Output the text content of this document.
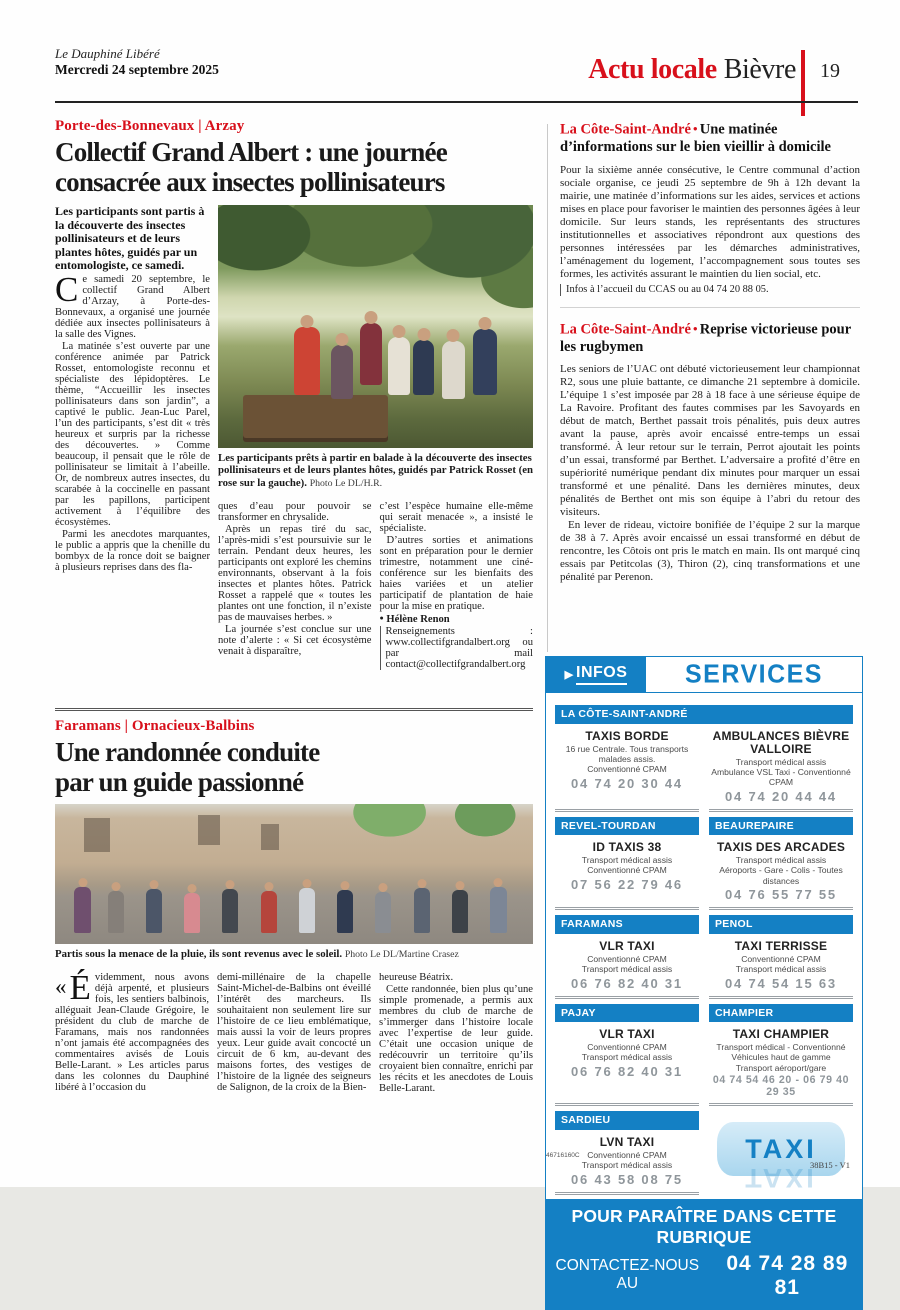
Le Dauphiné Libéré
Mercredi 24 septembre 2025	Actu locale Bièvre 19
Porte-des-Bonnevaux | Arzay
Collectif Grand Albert : une journée
consacrée aux insectes pollinisateurs

Les participants sont partis à la découverte des insectes pollinisateurs et de leurs plantes hôtes, guidés par un entomologiste, ce samedi.

Ce samedi 20 septembre, le collectif Grand Albert d’Arzay, à Porte-des-Bonnevaux, a organisé une journée dédiée aux insectes pollinisateurs à la salle des Vignes.

La matinée s’est ouverte par une conférence animée par Patrick Rosset, entomologiste reconnu et spécialiste des lépidoptères. Le thème, “Accueillir les insectes pollinisateurs dans son jardin”, a captivé le public. Jean-Luc Parel, l’un des participants, s’est dit « très heureux et surpris par la richesse des découvertes. » Comme beaucoup, il pensait que le rôle de pollinisateur se limitait à l’abeille. Or, de nombreux autres insectes, du scarabée à la coccinelle en passant par les papillons, participent activement à l’équilibre des écosystèmes.

Parmi les anecdotes marquantes, le public a appris que la chenille du bombyx de la ronce doit se baigner à plusieurs reprises dans des fla-

Les participants prêts à partir en balade à la découverte des insectes pollinisateurs et de leurs plantes hôtes, guidés par Patrick Rosset (en rose sur la gauche). Photo Le DL/H.R.

ques d’eau pour pouvoir se transformer en chrysalide.

Après un repas tiré du sac, l’après-midi s’est poursuivie sur le terrain. Pendant deux heures, les participants ont exploré les chemins environnants, observant à la fois insectes et plantes hôtes. Patrick Rosset a rappelé que « toutes les plantes ont une fonction, il n’existe pas de mauvaises herbes. »

La journée s’est conclue sur une note d’alerte : « Si cet écosystème venait à disparaître,

c’est l’espèce humaine elle-même qui serait menacée », a insisté le spécialiste.

D’autres sorties et animations sont en préparation pour le dernier trimestre, notamment une ciné-conférence sur les bienfaits des haies variées et un atelier participatif de plantation de haie pour la mise en pratique.

● Hélène Renon

Renseignements : www.collectifgrandalbert.org ou par mail contact@collectifgrandalbert.org

La Côte-Saint-André ● Une matinée d’informations sur le bien vieillir à domicile

Pour la sixième année consécutive, le Centre communal d’action sociale organise, ce jeudi 25 septembre de 9h à 12h devant la mairie, une matinée d’informations sur les aides, services et actions mises en place pour favoriser le maintien des personnes âgées à leur domicile. Sur leurs stands, les représentants des structures institutionnelles et associatives répondront aux questions des personnes intéressées par les démarches administratives, l’aménagement du logement, l’accompagnement sous toutes ses formes, les activités assurant le maintien du lien social, etc.

Infos à l’accueil du CCAS ou au 04 74 20 88 05.
La Côte-Saint-André ● Reprise victorieuse pour les rugbymen

Les seniors de l’UAC ont débuté victorieusement leur championnat R2, sous une pluie battante, ce dimanche 21 septembre à domicile. L’équipe 1 s’est imposée par 28 à 18 face à une sérieuse équipe de La Ravoire. Profitant des fautes commises par les Savoyards en début de match, Berthet passait trois pénalités, puis deux autres avant la pause, après avoir encaissé entre-temps un essai transformé. À leur retour sur le terrain, Perrot ajoutait les points d’un essai, transformé par Berthet. L’adversaire a profité d’être en supériorité numérique pendant dix minutes pour marquer un essai transformé et une pénalité. Dans les dernières minutes, deux pénalités de Berthet ont mis son équipe à l’abri du retour des visiteurs.

En lever de rideau, victoire bonifiée de l’équipe 2 sur la marque de 38 à 7. Après avoir encaissé un essai transformé en début de rencontre, les Côtois ont pris le match en main. Ils ont marqué cinq essais par Petitcolas (3), Thiron (2), cinq transformations et une pénalité par Perenon.

Faramans | Ornacieux-Balbins
Une randonnée conduite
par un guide passionné

Partis sous la menace de la pluie, ils sont revenus avec le soleil. Photo Le DL/Martine Crasez

« É videmment, nous avons déjà arpenté, et plusieurs fois, les sentiers balbinois, alléguait Jean-Claude Grégoire, le président du club de marche de Faramans, mais nos randonnées n’ont jamais été accompagnées des commentaires avisés de Louis Belle-Larant. » Les articles parus dans les colonnes du Dauphiné libéré à l’occasion du

demi-millénaire de la chapelle Saint-Michel-de-Balbins ont éveillé l’intérêt des marcheurs. Ils souhaitaient non seulement lire sur l’histoire de ce lieu emblématique, mais aussi la voir de leurs propres yeux. Leur guide avait concocté un circuit de 6 km, au-devant des maisons fortes, des vestiges de l’histoire de la lignée des seigneurs de Salignon, de la croix de la Bien-

heureuse Béatrix.

Cette randonnée, bien plus qu’une simple promenade, a permis aux membres du club de marche de s’immerger dans l’histoire locale avec l’expertise de leur guide. C’était une occasion unique de redécouvrir un territoire qu’ils croyaient bien connaître, enrichi par les récits et les anecdotes de Louis Belle-Larant.

▶ INFOS	SERVICES
LA CÔTE-SAINT-ANDRÉ
TAXIS BORDE
16 rue Centrale. Tous transports
malades assis.
Conventionné CPAM
04 74 20 30 44
AMBULANCES BIÈVRE VALLOIRE
Transport médical assis
Ambulance VSL Taxi - Conventionné CPAM
04 74 20 44 44
REVEL-TOURDAN	BEAUREPAIRE
ID TAXIS 38
Transport médical assis
Conventionné CPAM
07 56 22 79 46
TAXIS DES ARCADES
Transport médical assis
Aéroports - Gare - Colis - Toutes distances
04 76 55 77 55
FARAMANS	PENOL
VLR TAXI
Conventionné CPAM
Transport médical assis
06 76 82 40 31
TAXI TERRISSE
Conventionné CPAM
Transport médical assis
04 74 54 15 63
PAJAY	CHAMPIER
VLR TAXI
Conventionné CPAM
Transport médical assis
06 76 82 40 31
TAXI CHAMPIER
Transport médical - Conventionné
Véhicules haut de gamme
Transport aéroport/gare
04 74 54 46 20 - 06 79 40 29 35
SARDIEU
TAXI
TAXI
LVN TAXI
Conventionné CPAM
Transport médical assis
06 43 58 08 75
POUR PARAÎTRE DANS CETTE RUBRIQUE
CONTACTEZ-NOUS AU
04 74 28 89 81
46716160C
38B15 - V1
